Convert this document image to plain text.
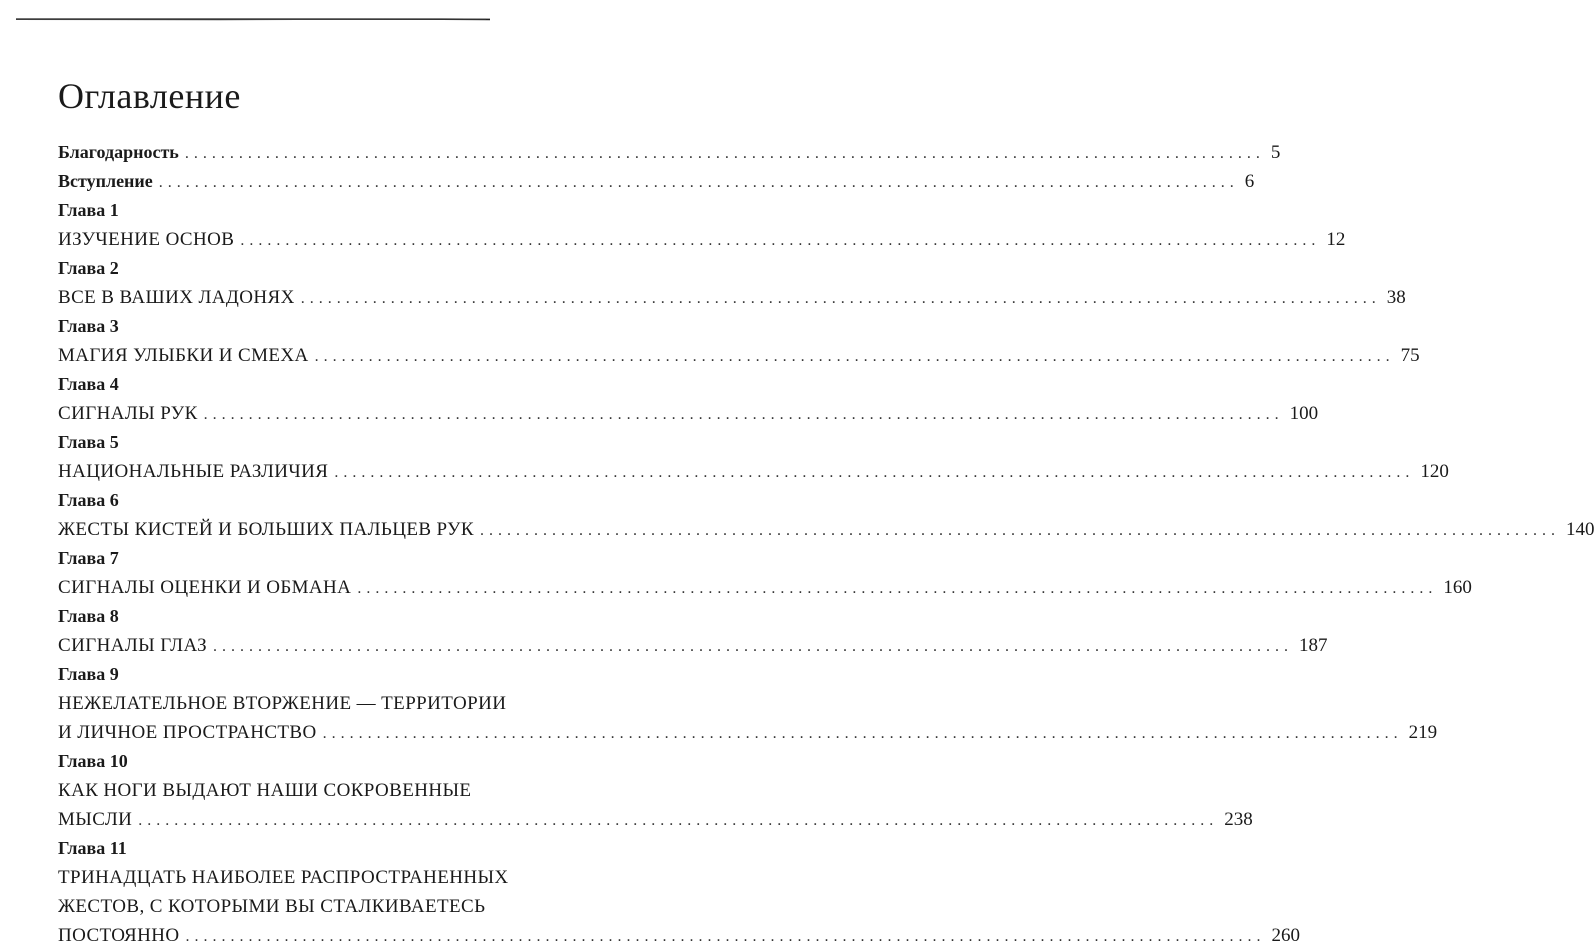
Оглавление
Благодарность ........................................................................................................................ 5
Вступление ........................................................................................................................ 6
Глава 1
ИЗУЧЕНИЕ ОСНОВ ........................................................................................................................ 12
Глава 2
ВСЕ В ВАШИХ ЛАДОНЯХ ........................................................................................................................ 38
Глава 3
МАГИЯ УЛЫБКИ И СМЕХА ........................................................................................................................ 75
Глава 4
СИГНАЛЫ РУК ........................................................................................................................ 100
Глава 5
НАЦИОНАЛЬНЫЕ РАЗЛИЧИЯ ........................................................................................................................ 120
Глава 6
ЖЕСТЫ КИСТЕЙ И БОЛЬШИХ ПАЛЬЦЕВ РУК ........................................................................................................................ 140
Глава 7
СИГНАЛЫ ОЦЕНКИ И ОБМАНА ........................................................................................................................ 160
Глава 8
СИГНАЛЫ ГЛАЗ ........................................................................................................................ 187
Глава 9
НЕЖЕЛАТЕЛЬНОЕ ВТОРЖЕНИЕ — ТЕРРИТОРИИ
И ЛИЧНОЕ ПРОСТРАНСТВО ........................................................................................................................ 219
Глава 10
КАК НОГИ ВЫДАЮТ НАШИ СОКРОВЕННЫЕ
МЫСЛИ ........................................................................................................................ 238
Глава 11
ТРИНАДЦАТЬ НАИБОЛЕЕ РАСПРОСТРАНЕННЫХ
ЖЕСТОВ, С КОТОРЫМИ ВЫ СТАЛКИВАЕТЕСЬ
ПОСТОЯННО ........................................................................................................................ 260
